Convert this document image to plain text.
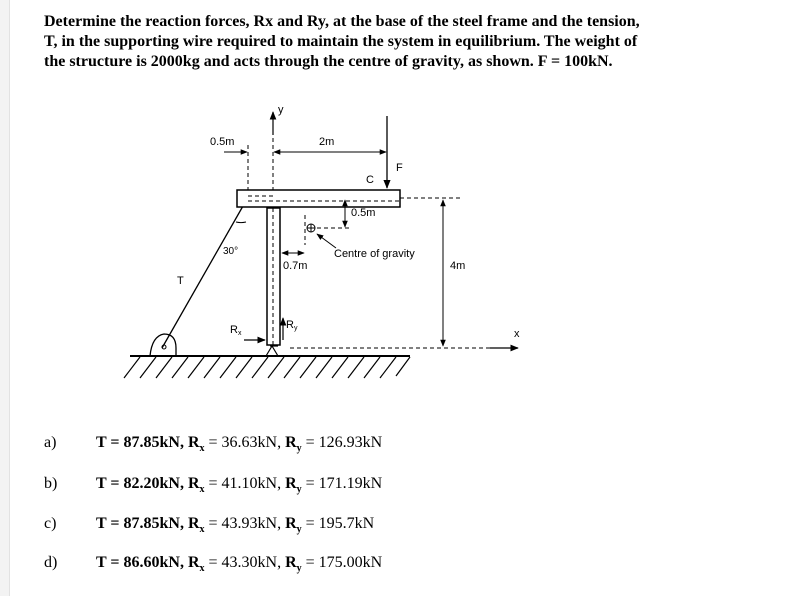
Determine the reaction forces, Rx and Ry, at the base of the steel frame and the tension,
T, in the supporting wire required to maintain the system in equilibrium. The weight of
the structure is 2000kg and acts through the centre of gravity, as shown. F = 100kN.

y
0.5m	2m
F
C
0.5m
Centre of gravity
0.7m
30°
4m
T
Rx
Ry	x
a) T = 87.85kN, $R_x = 36.63kN$, $R_y = 126.93kN$
b) T = 82.20kN, $R_x = 41.10kN$, $R_y = 171.19kN$
c) T = 87.85kN, $R_x = 43.93kN$, $R_y = 195.7kN$
d) T = 86.60kN, $R_x = 43.30kN$, $R_y = 175.00kN$
